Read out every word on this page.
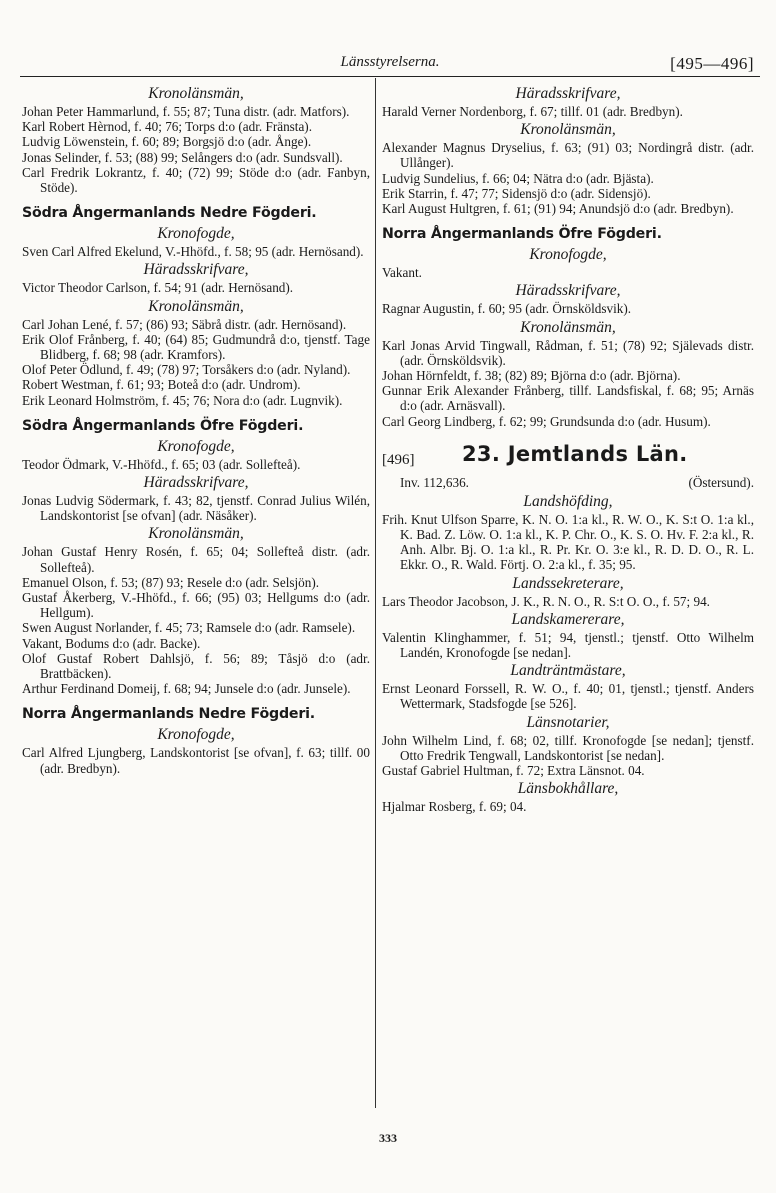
Länsstyrelserna.	[495—496]
Kronolänsmän,
Johan Peter Hammarlund, f. 55; 87; Tuna distr. (adr. Matfors).
Karl Robert Hèrnod, f. 40; 76; Torps d:o (adr. Fränsta).
Ludvig Löwenstein, f. 60; 89; Borgsjö d:o (adr. Ånge).
Jonas Selinder, f. 53; (88) 99; Selångers d:o (adr. Sundsvall).
Carl Fredrik Lokrantz, f. 40; (72) 99; Stöde d:o (adr. Fanbyn, Stöde).
Södra Ångermanlands Nedre Fögderi.
Kronofogde,
Sven Carl Alfred Ekelund, V.-Hhöfd., f. 58; 95 (adr. Hernösand).
Häradsskrifvare,
Victor Theodor Carlson, f. 54; 91 (adr. Hernösand).
Kronolänsmän,
Carl Johan Lené, f. 57; (86) 93; Säbrå distr. (adr. Hernösand).
Erik Olof Frånberg, f. 40; (64) 85; Gudmundrå d:o, tjenstf. Tage Blidberg, f. 68; 98 (adr. Kramfors).
Olof Peter Ödlund, f. 49; (78) 97; Torsåkers d:o (adr. Nyland).
Robert Westman, f. 61; 93; Boteå d:o (adr. Undrom).
Erik Leonard Holmström, f. 45; 76; Nora d:o (adr. Lugnvik).
Södra Ångermanlands Öfre Fögderi.
Kronofogde,
Teodor Ödmark, V.-Hhöfd., f. 65; 03 (adr. Sollefteå).
Häradsskrifvare,
Jonas Ludvig Södermark, f. 43; 82, tjenstf. Conrad Julius Wilén, Landskontorist [se ofvan] (adr. Näsåker).
Kronolänsmän,
Johan Gustaf Henry Rosén, f. 65; 04; Sollefteå distr. (adr. Sollefteå).
Emanuel Olson, f. 53; (87) 93; Resele d:o (adr. Selsjön).
Gustaf Åkerberg, V.-Hhöfd., f. 66; (95) 03; Hellgums d:o (adr. Hellgum).
Swen August Norlander, f. 45; 73; Ramsele d:o (adr. Ramsele).
Vakant, Bodums d:o (adr. Backe).
Olof Gustaf Robert Dahlsjö, f. 56; 89; Tåsjö d:o (adr. Brattbäcken).
Arthur Ferdinand Domeij, f. 68; 94; Junsele d:o (adr. Junsele).
Norra Ångermanlands Nedre Fögderi.
Kronofogde,
Carl Alfred Ljungberg, Landskontorist [se ofvan], f. 63; tillf. 00 (adr. Bredbyn).
Häradsskrifvare,
Harald Verner Nordenborg, f. 67; tillf. 01 (adr. Bredbyn).
Kronolänsmän,
Alexander Magnus Dryselius, f. 63; (91) 03; Nordingrå distr. (adr. Ullånger).
Ludvig Sundelius, f. 66; 04; Nätra d:o (adr. Bjästa).
Erik Starrin, f. 47; 77; Sidensjö d:o (adr. Sidensjö).
Karl August Hultgren, f. 61; (91) 94; Anundsjö d:o (adr. Bredbyn).
Norra Ångermanlands Öfre Fögderi.
Kronofogde,
Vakant.
Häradsskrifvare,
Ragnar Augustin, f. 60; 95 (adr. Örnsköldsvik).
Kronolänsmän,
Karl Jonas Arvid Tingwall, Rådman, f. 51; (78) 92; Själevads distr. (adr. Örnsköldsvik).
Johan Hörnfeldt, f. 38; (82) 89; Björna d:o (adr. Björna).
Gunnar Erik Alexander Frånberg, tillf. Landsfiskal, f. 68; 95; Arnäs d:o (adr. Arnäsvall).
Carl Georg Lindberg, f. 62; 99; Grundsunda d:o (adr. Husum).
[496] 23. Jemtlands Län.
Inv. 112,636.	(Östersund).
Landshöfding,
Frih. Knut Ulfson Sparre, K. N. O. 1:a kl., R. W. O., K. S:t O. 1:a kl., K. Bad. Z. Löw. O. 1:a kl., K. P. Chr. O., K. S. O. Hv. F. 2:a kl., R. Anh. Albr. Bj. O. 1:a kl., R. Pr. Kr. O. 3:e kl., R. D. D. O., R. L. Ekkr. O., R. Wald. Förtj. O. 2:a kl., f. 35; 95.
Landssekreterare,
Lars Theodor Jacobson, J. K., R. N. O., R. S:t O. O., f. 57; 94.
Landskamererare,
Valentin Klinghammer, f. 51; 94, tjenstl.; tjenstf. Otto Wilhelm Landén, Kronofogde [se nedan].
Landträntmästare,
Ernst Leonard Forssell, R. W. O., f. 40; 01, tjenstl.; tjenstf. Anders Wettermark, Stadsfogde [se 526].
Länsnotarier,
John Wilhelm Lind, f. 68; 02, tillf. Kronofogde [se nedan]; tjenstf. Otto Fredrik Tengwall, Landskontorist [se nedan].
Gustaf Gabriel Hultman, f. 72; Extra Länsnot. 04.
Länsbokhållare,
Hjalmar Rosberg, f. 69; 04.
333
